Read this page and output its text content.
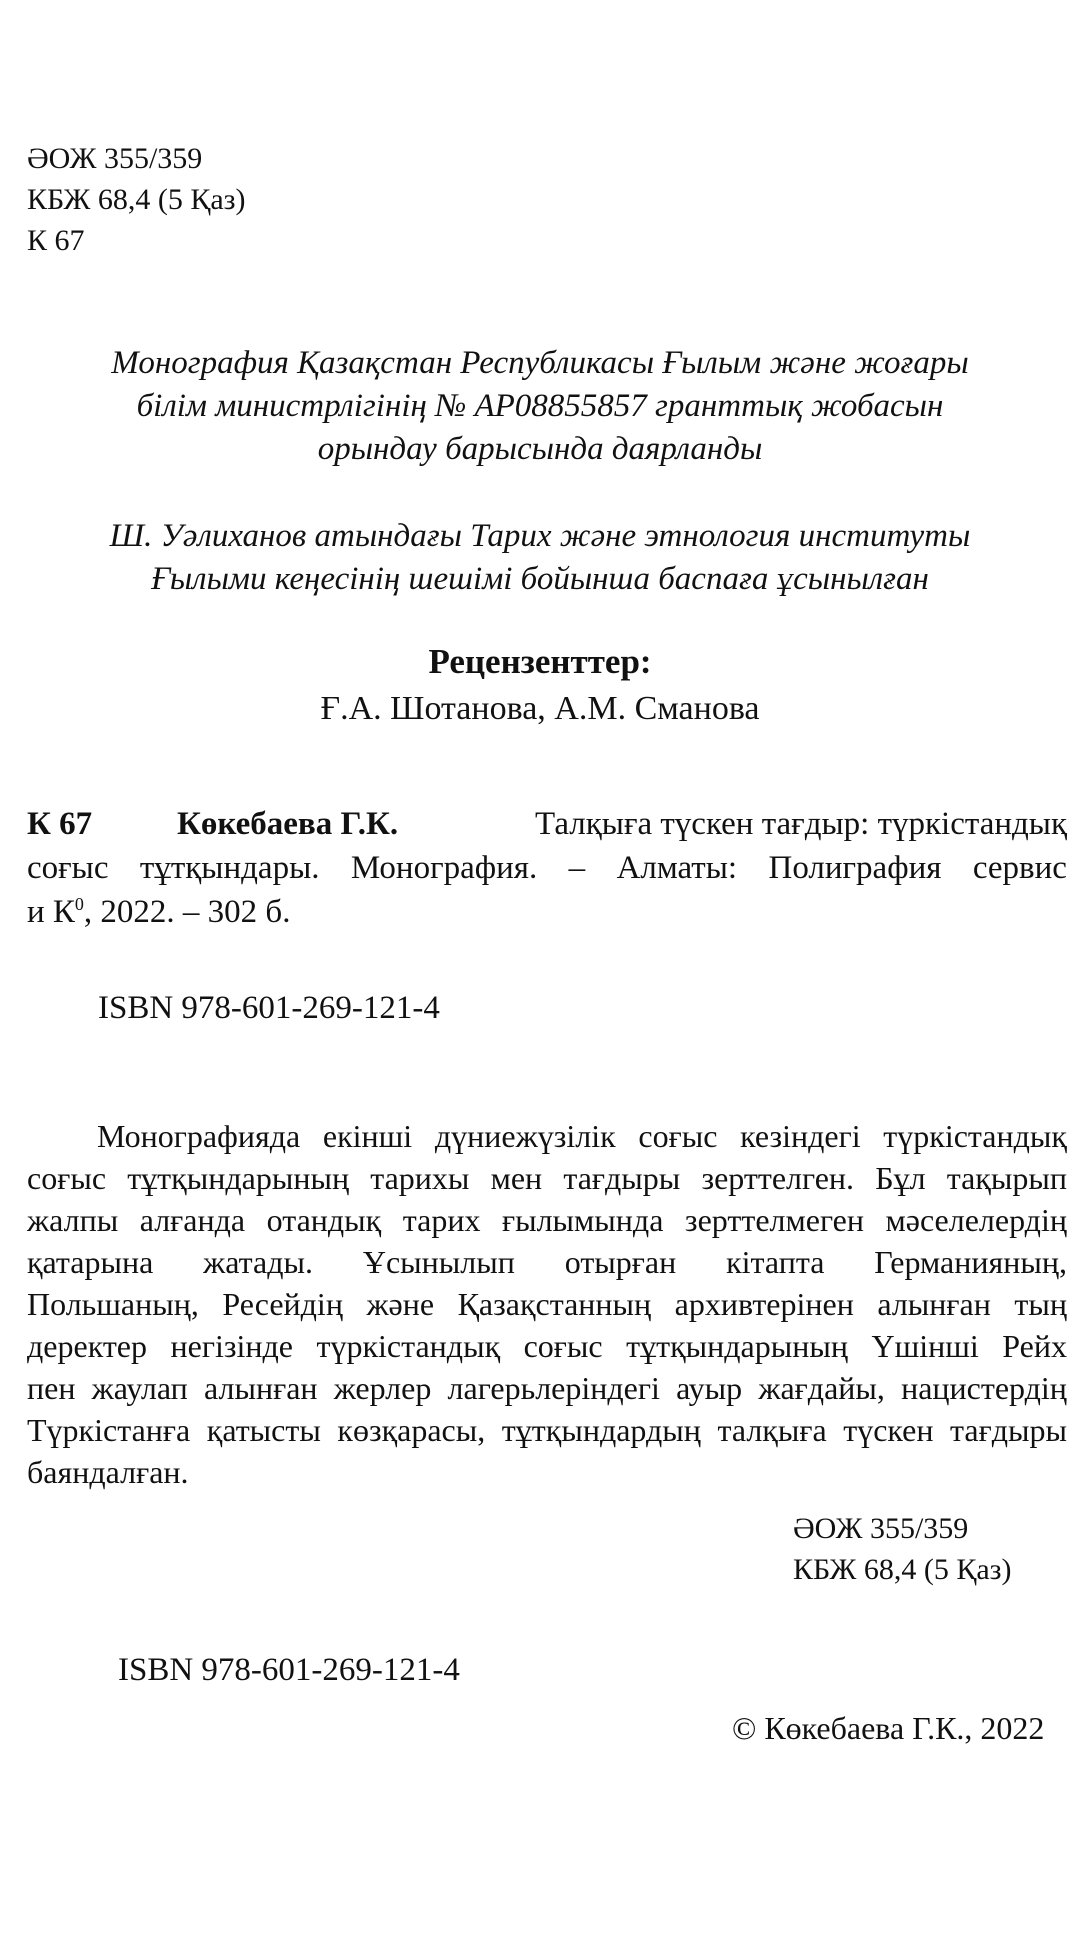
ӘОЖ 355/359
КБЖ 68,4 (5 Қаз)
К 67
Монография Қазақстан Республикасы Ғылым және жоғары
білім министрлігінің № АР08855857 гранттық жобасын
орындау барысында даярланды
Ш. Уәлиханов атындағы Тарих және этнология институты
Ғылыми кеңесінің шешімі бойынша баспаға ұсынылған
Рецензенттер:
Ғ.А. Шотанова, А.М. Сманова
К 67	Көкебаева Г.К.	Талқыға түскен тағдыр: түркістандық
соғыс тұтқындары. Монография. – Алматы: Полиграфия сервис
и $К^0$, 2022. – 302 б.
ISBN 978-601-269-121-4
Монографияда екінші дүниежүзілік соғыс кезіндегі түркістандық
соғыс тұтқындарының тарихы мен тағдыры зерттелген. Бұл тақырып
жалпы алғанда отандық тарих ғылымында зерттелмеген мәселелердің
қатарына жатады. Ұсынылып отырған кітапта Германияның,
Польшаның, Ресейдің және Қазақстанның архивтерінен алынған тың
деректер негізінде түркістандық соғыс тұтқындарының Үшінші Рейх
пен жаулап алынған жерлер лагерьлеріндегі ауыр жағдайы, нацистердің
Түркістанға қатысты көзқарасы, тұтқындардың талқыға түскен тағдыры
баяндалған.
ӘОЖ 355/359
КБЖ 68,4 (5 Қаз)
ISBN 978-601-269-121-4
© Көкебаева Г.К., 2022
